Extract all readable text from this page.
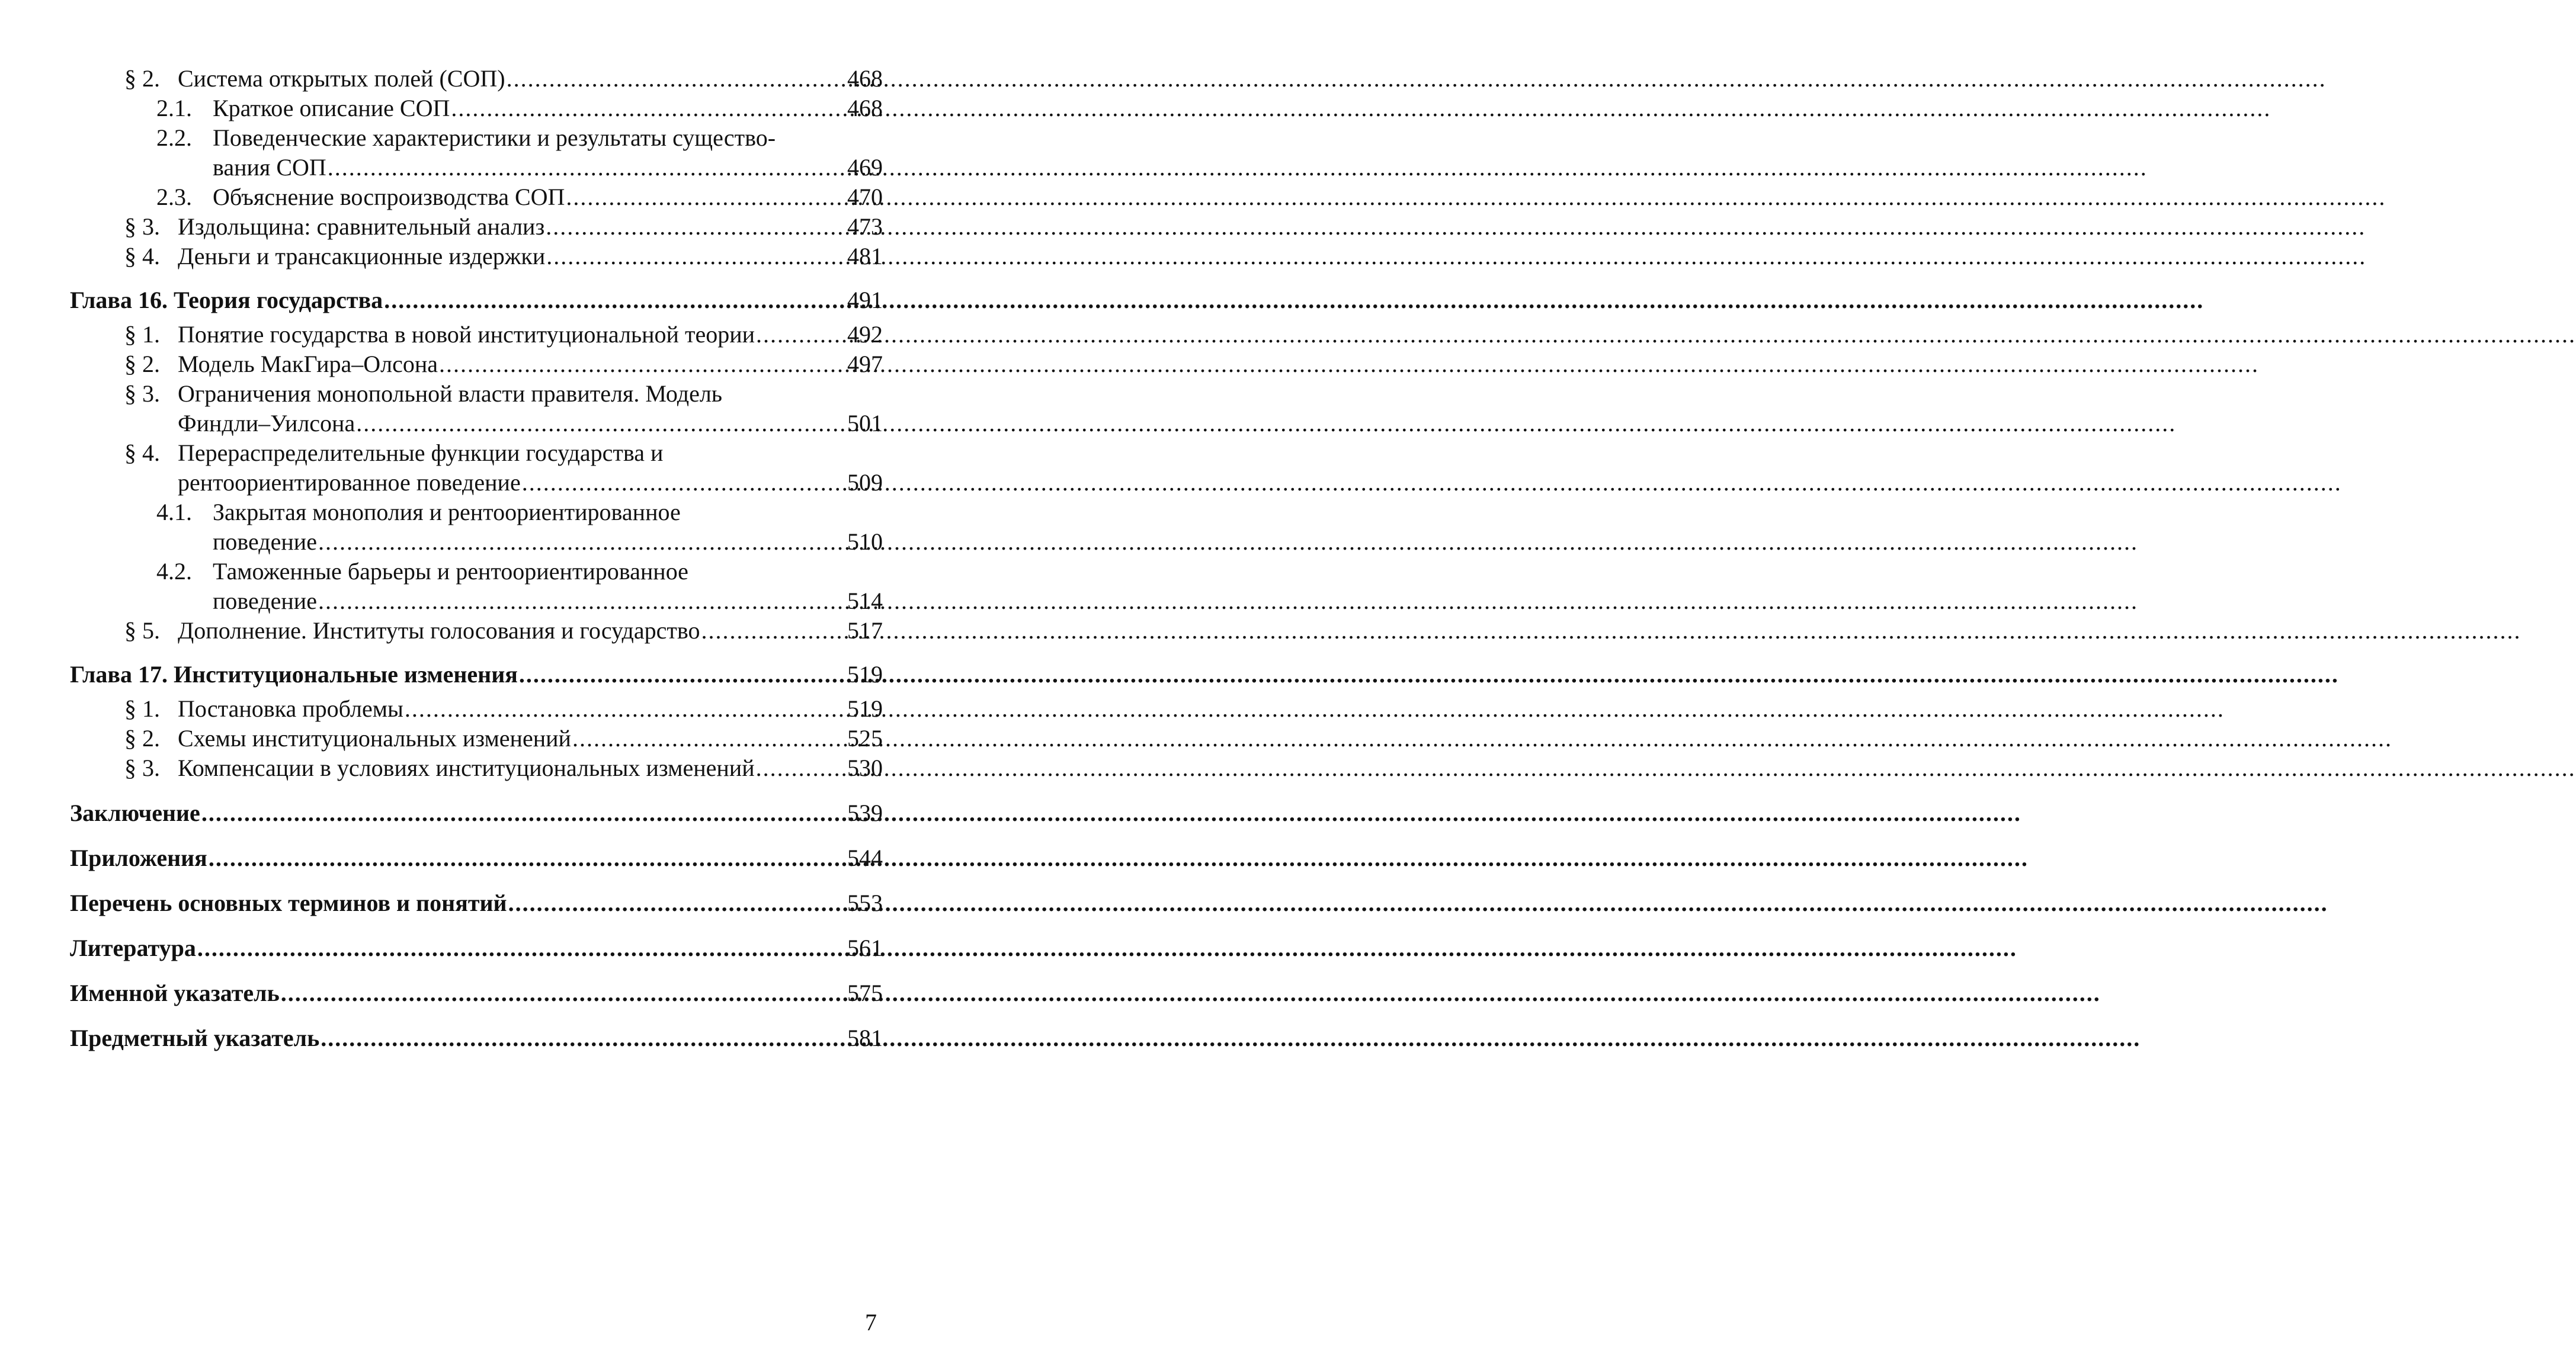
§ 2. Система открытых полей (СОП) .....	468
2.1. Краткое описание СОП .....	468
2.2. Поведенческие характеристики и результаты существо-
вания СОП .....	469
2.3. Объяснение воспроизводства СОП .....	470
§ 3. Издольщина: сравнительный анализ .....	473
§ 4. Деньги и трансакционные издержки .....	481
Глава 16. Теория государства .....	491
§ 1. Понятие государства в новой институциональной теории .....	492
§ 2. Модель МакГира–Олсона .....	497
§ 3. Ограничения монопольной власти правителя. Модель
Финдли–Уилсона .....	501
§ 4. Перераспределительные функции государства и
рентоориентированное поведение .....	509
4.1. Закрытая монополия и рентоориентированное
поведение .....	510
4.2. Таможенные барьеры и рентоориентированное
поведение .....	514
§ 5. Дополнение. Институты голосования и государство .....	517
Глава 17. Институциональные изменения .....	519
§ 1. Постановка проблемы .....	519
§ 2. Схемы институциональных изменений .....	525
§ 3. Компенсации в условиях институциональных изменений .....	530
Заключение .....	539
Приложения .....	544
Перечень основных терминов и понятий .....	553
Литература .....	561
Именной указатель .....	575
Предметный указатель .....	581
7
